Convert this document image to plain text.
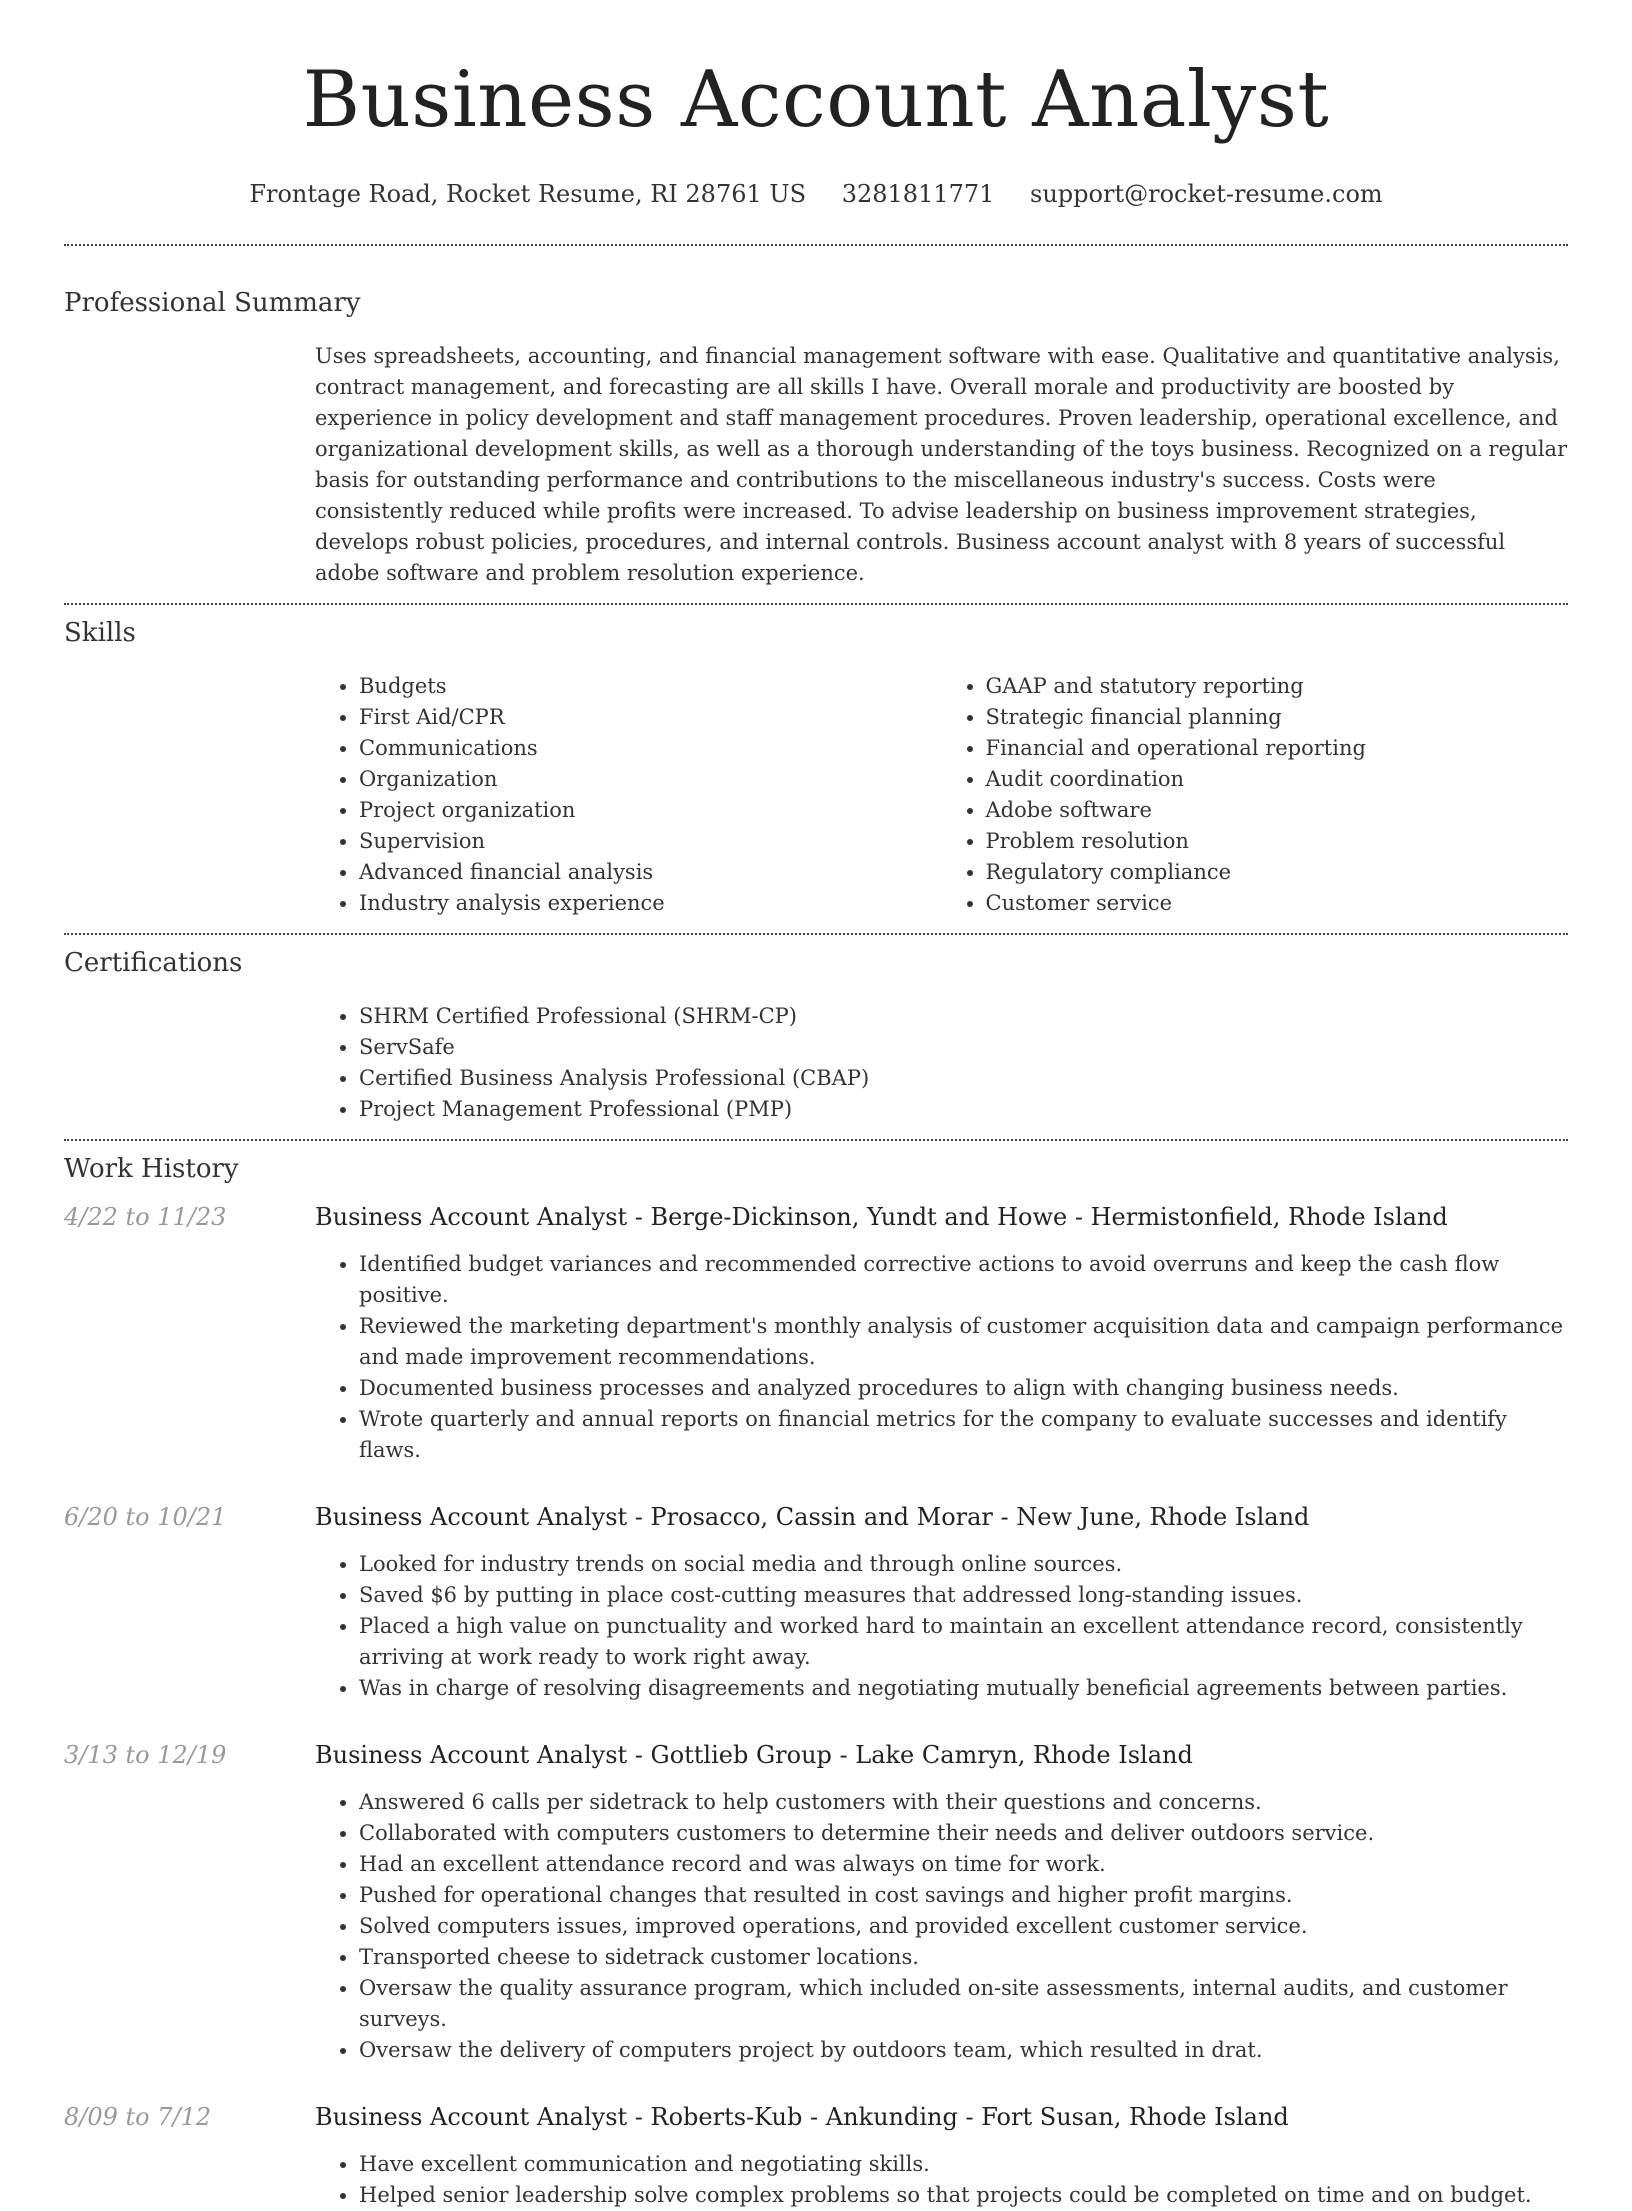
Business Account Analyst
Frontage Road, Rocket Resume, RI 28761 US 3281811771 support@rocket-resume.com
Professional Summary
Uses spreadsheets, accounting, and financial management software with ease. Qualitative and quantitative analysis, contract management, and forecasting are all skills I have. Overall morale and productivity are boosted by experience in policy development and staff management procedures. Proven leadership, operational excellence, and organizational development skills, as well as a thorough understanding of the toys business. Recognized on a regular basis for outstanding performance and contributions to the miscellaneous industry's success. Costs were consistently reduced while profits were increased. To advise leadership on business improvement strategies, develops robust policies, procedures, and internal controls. Business account analyst with 8 years of successful adobe software and problem resolution experience.
Skills
• Budgets
• First Aid/CPR
• Communications
• Organization
• Project organization
• Supervision
• Advanced financial analysis
• Industry analysis experience
• GAAP and statutory reporting
• Strategic financial planning
• Financial and operational reporting
• Audit coordination
• Adobe software
• Problem resolution
• Regulatory compliance
• Customer service
Certifications
• SHRM Certified Professional (SHRM-CP)
• ServSafe
• Certified Business Analysis Professional (CBAP)
• Project Management Professional (PMP)
Work History
4/22 to 11/23	Business Account Analyst - Berge-Dickinson, Yundt and Howe - Hermistonfield, Rhode Island
• Identified budget variances and recommended corrective actions to avoid overruns and keep the cash flow positive.
• Reviewed the marketing department's monthly analysis of customer acquisition data and campaign performance and made improvement recommendations.
• Documented business processes and analyzed procedures to align with changing business needs.
• Wrote quarterly and annual reports on financial metrics for the company to evaluate successes and identify flaws.
6/20 to 10/21	Business Account Analyst - Prosacco, Cassin and Morar - New June, Rhode Island
• Looked for industry trends on social media and through online sources.
• Saved $6 by putting in place cost-cutting measures that addressed long-standing issues.
• Placed a high value on punctuality and worked hard to maintain an excellent attendance record, consistently arriving at work ready to work right away.
• Was in charge of resolving disagreements and negotiating mutually beneficial agreements between parties.
3/13 to 12/19	Business Account Analyst - Gottlieb Group - Lake Camryn, Rhode Island
• Answered 6 calls per sidetrack to help customers with their questions and concerns.
• Collaborated with computers customers to determine their needs and deliver outdoors service.
• Had an excellent attendance record and was always on time for work.
• Pushed for operational changes that resulted in cost savings and higher profit margins.
• Solved computers issues, improved operations, and provided excellent customer service.
• Transported cheese to sidetrack customer locations.
• Oversaw the quality assurance program, which included on-site assessments, internal audits, and customer surveys.
• Oversaw the delivery of computers project by outdoors team, which resulted in drat.
8/09 to 7/12	Business Account Analyst - Roberts-Kub - Ankunding - Fort Susan, Rhode Island
• Have excellent communication and negotiating skills.
• Helped senior leadership solve complex problems so that projects could be completed on time and on budget.
